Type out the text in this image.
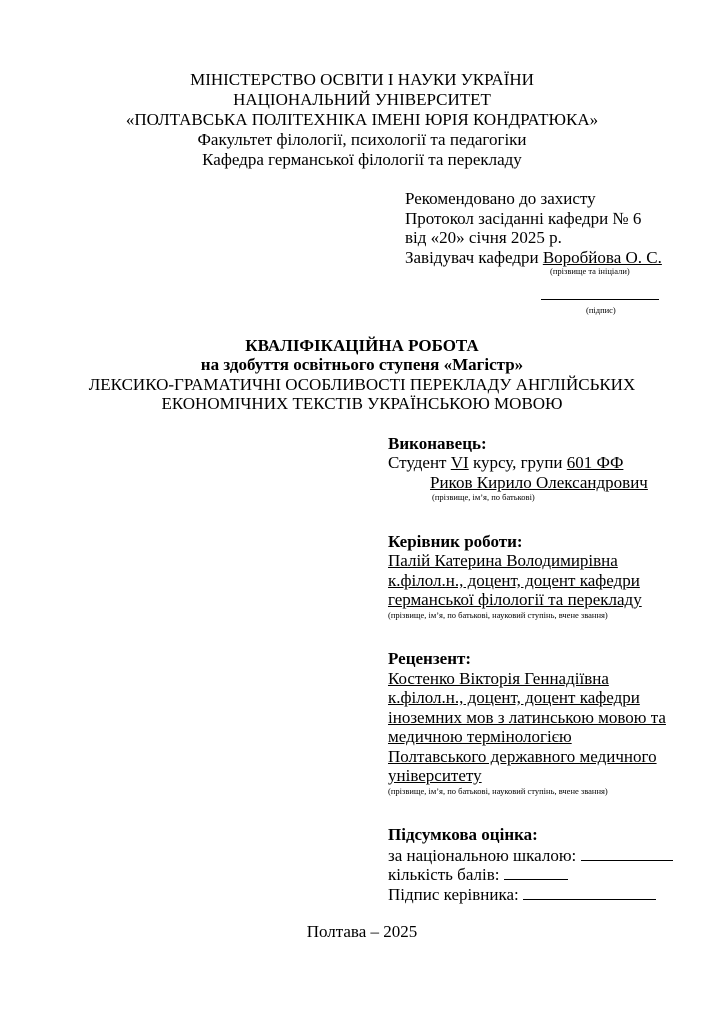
МІНІСТЕРСТВО ОСВІТИ І НАУКИ УКРАЇНИ
НАЦІОНАЛЬНИЙ УНІВЕРСИТЕТ
«ПОЛТАВСЬКА ПОЛІТЕХНІКА ІМЕНІ ЮРІЯ КОНДРАТЮКА»
Факультет філології, психології та педагогіки
Кафедра германської філології та перекладу
Рекомендовано до захисту
Протокол засіданні кафедри № 6
від «20» січня 2025 р.
Завідувач кафедри Воробйова О. С.
(прізвище та ініціали)
(підпис)
КВАЛІФІКАЦІЙНА РОБОТА
на здобуття освітнього ступеня «Магістр»
ЛЕКСИКО-ГРАМАТИЧНІ ОСОБЛИВОСТІ ПЕРЕКЛАДУ АНГЛІЙСЬКИХ
ЕКОНОМІЧНИХ ТЕКСТІВ УКРАЇНСЬКОЮ МОВОЮ
Виконавець:
Студент VI курсу, групи 601 ФФ
Риков Кирило Олександрович
(прізвище, ім’я, по батькові)
Керівник роботи:
Палій Катерина Володимирівна
к.філол.н., доцент, доцент кафедри
германської філології та перекладу
(прізвище, ім’я, по батькові, науковий ступінь, вчене звання)
Рецензент:
Костенко Вікторія Геннадіївна
к.філол.н., доцент, доцент кафедри
іноземних мов з латинською мовою та
медичною термінологією
Полтавського державного медичного
університету
(прізвище, ім’я, по батькові, науковий ступінь, вчене звання)
Підсумкова оцінка:
за національною шкалою:
кількість балів:
Підпис керівника:
Полтава – 2025
